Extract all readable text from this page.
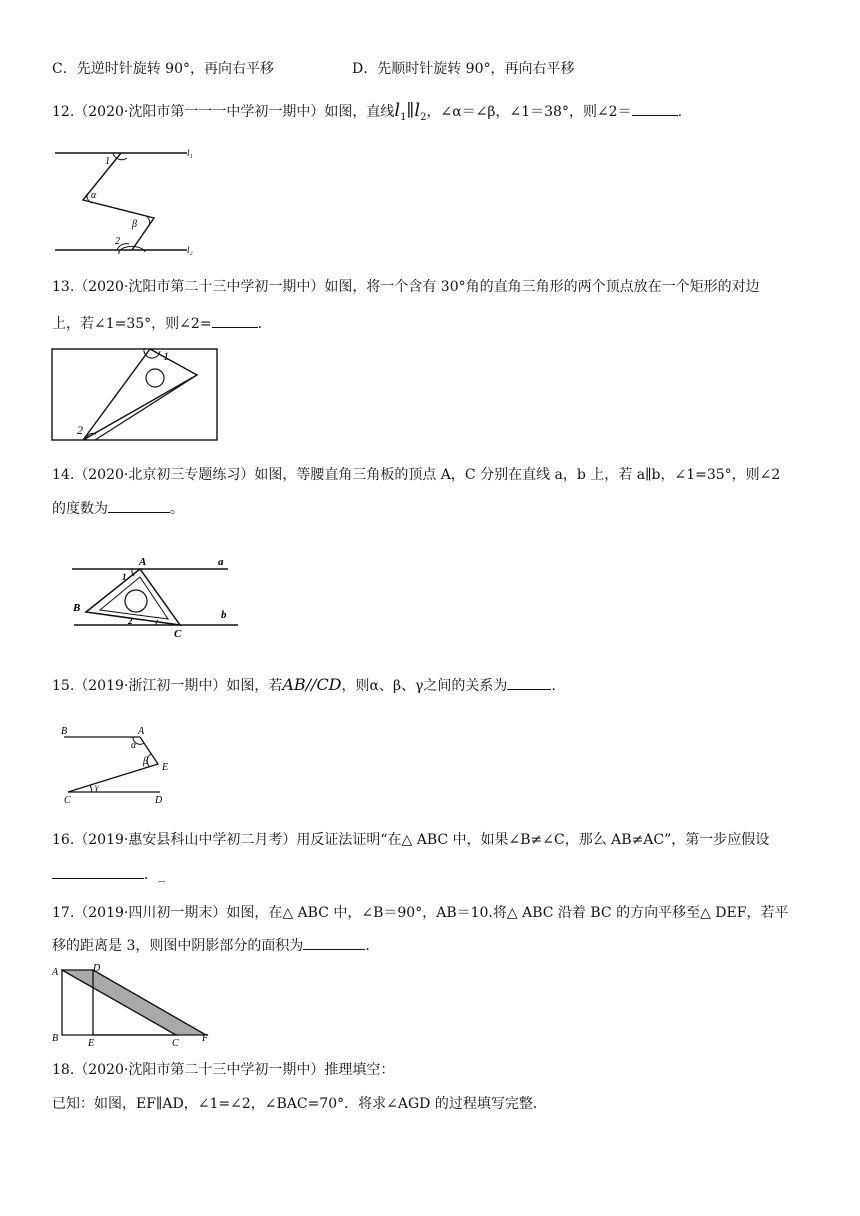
C．先逆时针旋转 90°，再向右平移	D．先顺时针旋转 90°，再向右平移
12.（2020·沈阳市第一一一中学初一期中）如图，直线$l_1\parallel l_2$，∠α＝∠β，∠1＝38°，则∠2＝	.
1
α
β
2
l₁
l₂
13.（2020·沈阳市第二十三中学初一期中）如图，将一个含有 30°角的直角三角形的两个顶点放在一个矩形的对边
上，若∠1=35°，则∠2=	.
1
2
14.（2020·北京初三专题练习）如图，等腰直角三角板的顶点 A，C 分别在直线 a，b 上，若 a∥b，∠1=35°，则∠2
的度数为	。
A	a
1
B
b
2
C
15.（2019·浙江初一期中）如图，若AB//CD，则α、β、γ之间的关系为	.
B	A
α
β
E
γ
C	D
16.（2019·惠安县科山中学初二月考）用反证法证明“在△ ABC 中，如果∠B≠∠C，那么 AB≠AC”，第一步应假设
．_
17.（2019·四川初一期末）如图，在△ ABC 中，∠B＝90°，AB＝10.将△ ABC 沿着 BC 的方向平移至△ DEF，若平
移的距离是 3，则图中阴影部分的面积为	.
A	D
B	E	C F
18.（2020·沈阳市第二十三中学初一期中）推理填空：
已知：如图，EF∥AD，∠1=∠2，∠BAC=70°．将求∠AGD 的过程填写完整．
